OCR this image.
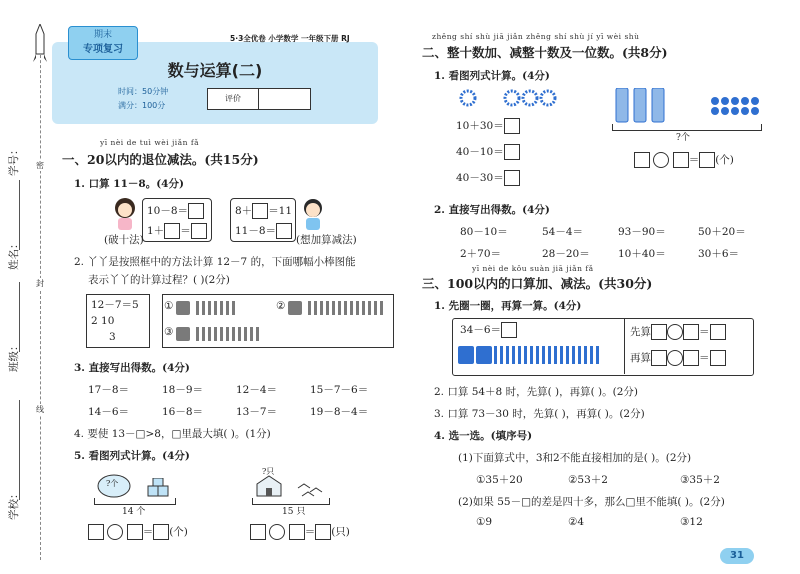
学号：
姓名：
班级：
学校：
密
封
线
期末
专项复习
5·3全优卷 小学数学 一年级下册 RJ
数与运算(二)
时间：50分钟
满分：100分
评价
yī nèi de tuì wèi jiǎn fǎ
一、20以内的退位减法。(共15分)
1. 口算 11－8。(4分)
10－8＝
1＋ ＝
8＋ ＝11
11－8＝
(破十法)	(想加算减法)
2. 丫丫是按照框中的方法计算 12－7 的，下面哪幅小棒图能
表示丫丫的计算过程？( )(2分)
12－7＝5
2 10
3
①	②
③
3. 直接写出得数。(4分)
17－8＝	18－9＝	12－4＝	15－7－6＝
14－6＝	16－8＝	13－7＝	19－8－4＝
4. 要使 13－□>8，□里最大填( )。(1分)
5. 看图列式计算。(4分)
?个
14 个
?只
15 只
＝ (个)	＝ (只)
zhěng shí shù jiā jiǎn zhěng shí shù jí yī wèi shù
二、整十数加、减整十数及一位数。(共8分)
1. 看图列式计算。(4分)
10＋30＝
40－10＝
40－30＝
?个
＝ (个)
2. 直接写出得数。(4分)
80－10＝	54－4＝	93－90＝	50＋20＝
2＋70＝	28－20＝	10＋40＝	30＋6＝
yī nèi de kǒu suàn jiā jiǎn fǎ
三、100以内的口算加、减法。(共30分)
1. 先圈一圈，再算一算。(4分)
34－6＝	先算	＝
再算	＝
2. 口算 54＋8 时，先算( )，再算( )。(2分)
3. 口算 73－30 时，先算( )，再算( )。(2分)
4. 选一选。(填序号)
(1)下面算式中，3和2不能直接相加的是( )。(2分)
①35＋20	②53＋2	③35＋2
(2)如果 55－□的差是四十多，那么□里不能填( )。(2分)
①9	②4	③12
31
